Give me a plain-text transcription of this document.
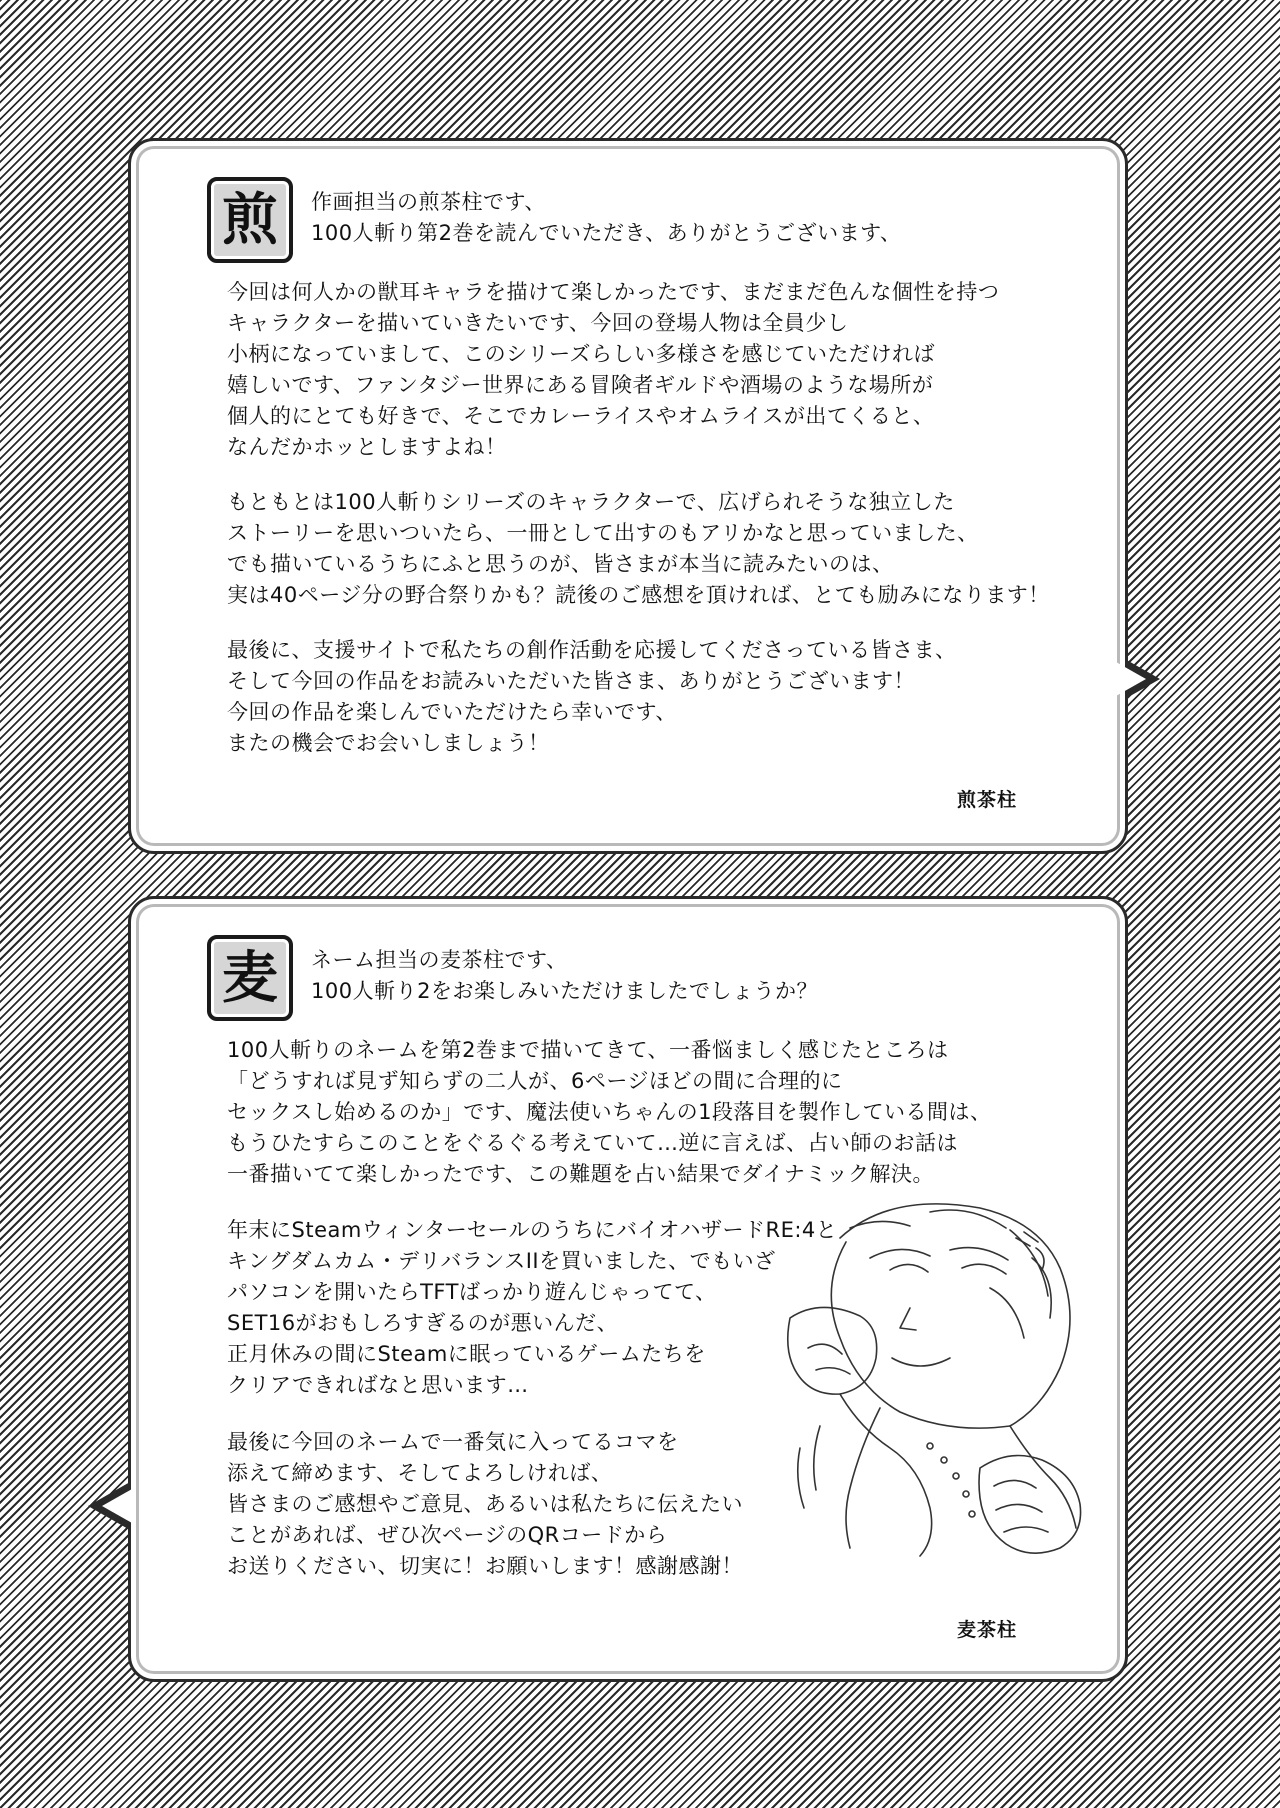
煎 作画担当の煎茶柱です、
100人斬り第2巻を読んでいただき、ありがとうございます、
今回は何人かの獣耳キャラを描けて楽しかったです、まだまだ色んな個性を持つ
キャラクターを描いていきたいです、今回の登場人物は全員少し
小柄になっていまして、このシリーズらしい多様さを感じていただければ
嬉しいです、ファンタジー世界にある冒険者ギルドや酒場のような場所が
個人的にとても好きで、そこでカレーライスやオムライスが出てくると、
なんだかホッとしますよね！
もともとは100人斬りシリーズのキャラクターで、広げられそうな独立した
ストーリーを思いついたら、一冊として出すのもアリかなと思っていました、
でも描いているうちにふと思うのが、皆さまが本当に読みたいのは、
実は40ページ分の野合祭りかも？読後のご感想を頂ければ、とても励みになります！
最後に、支援サイトで私たちの創作活動を応援してくださっている皆さま、
そして今回の作品をお読みいただいた皆さま、ありがとうございます！
今回の作品を楽しんでいただけたら幸いです、
またの機会でお会いしましょう！
煎茶柱
麦 ネーム担当の麦茶柱です、
100人斬り2をお楽しみいただけましたでしょうか？
100人斬りのネームを第2巻まで描いてきて、一番悩ましく感じたところは
「どうすれば見ず知らずの二人が、6ページほどの間に合理的に
セックスし始めるのか」です、魔法使いちゃんの1段落目を製作している間は、
もうひたすらこのことをぐるぐる考えていて…逆に言えば、占い師のお話は
一番描いてて楽しかったです、この難題を占い結果でダイナミック解決。
年末にSteamウィンターセールのうちにバイオハザードRE:4と
キングダムカム・デリバランスIIを買いました、でもいざ
パソコンを開いたらTFTばっかり遊んじゃってて、
SET16がおもしろすぎるのが悪いんだ、
正月休みの間にSteamに眠っているゲームたちを
クリアできればなと思います…
最後に今回のネームで一番気に入ってるコマを
添えて締めます、そしてよろしければ、
皆さまのご感想やご意見、あるいは私たちに伝えたい
ことがあれば、ぜひ次ページのQRコードから
お送りください、切実に！お願いします！感謝感謝！
麦茶柱
